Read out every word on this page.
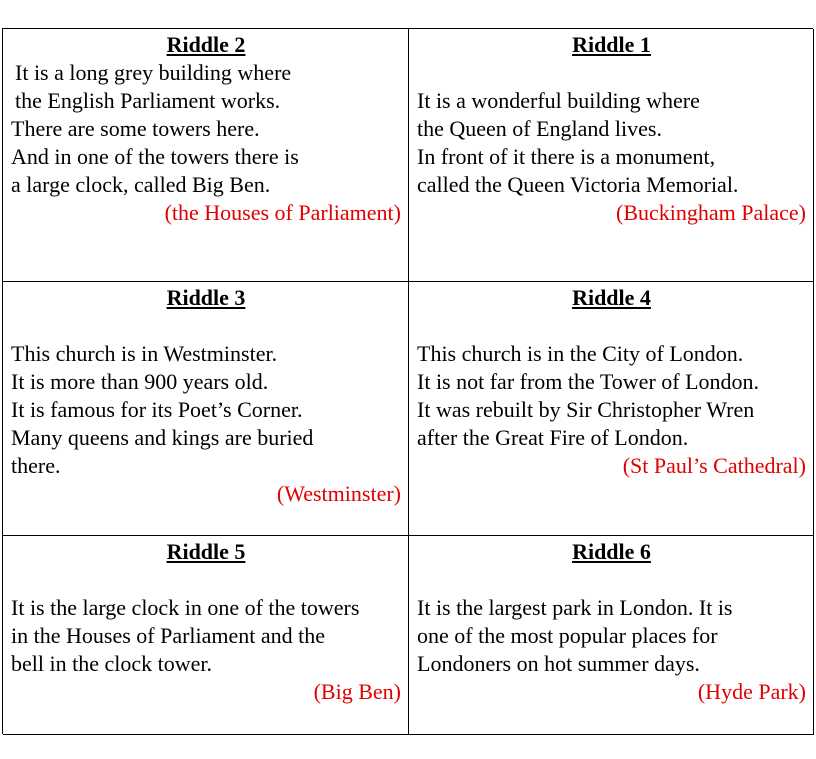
Riddle 2
It is a long grey building where
the English Parliament works.
There are some towers here.
And in one of the towers there is
a large clock, called Big Ben.
(the Houses of Parliament)
Riddle 1
It is a wonderful building where
the Queen of England lives.
In front of it there is a monument,
called the Queen Victoria Memorial.
(Buckingham Palace)
Riddle 3
This church is in Westminster.
It is more than 900 years old.
It is famous for its Poet’s Corner.
Many queens and kings are buried
there.
(Westminster)
Riddle 4
This church is in the City of London.
It is not far from the Tower of London.
It was rebuilt by Sir Christopher Wren
after the Great Fire of London.
(St Paul’s Cathedral)
Riddle 5
It is the large clock in one of the towers
in the Houses of Parliament and the
bell in the clock tower.
(Big Ben)
Riddle 6
It is the largest park in London. It is
one of the most popular places for
Londoners on hot summer days.
(Hyde Park)
